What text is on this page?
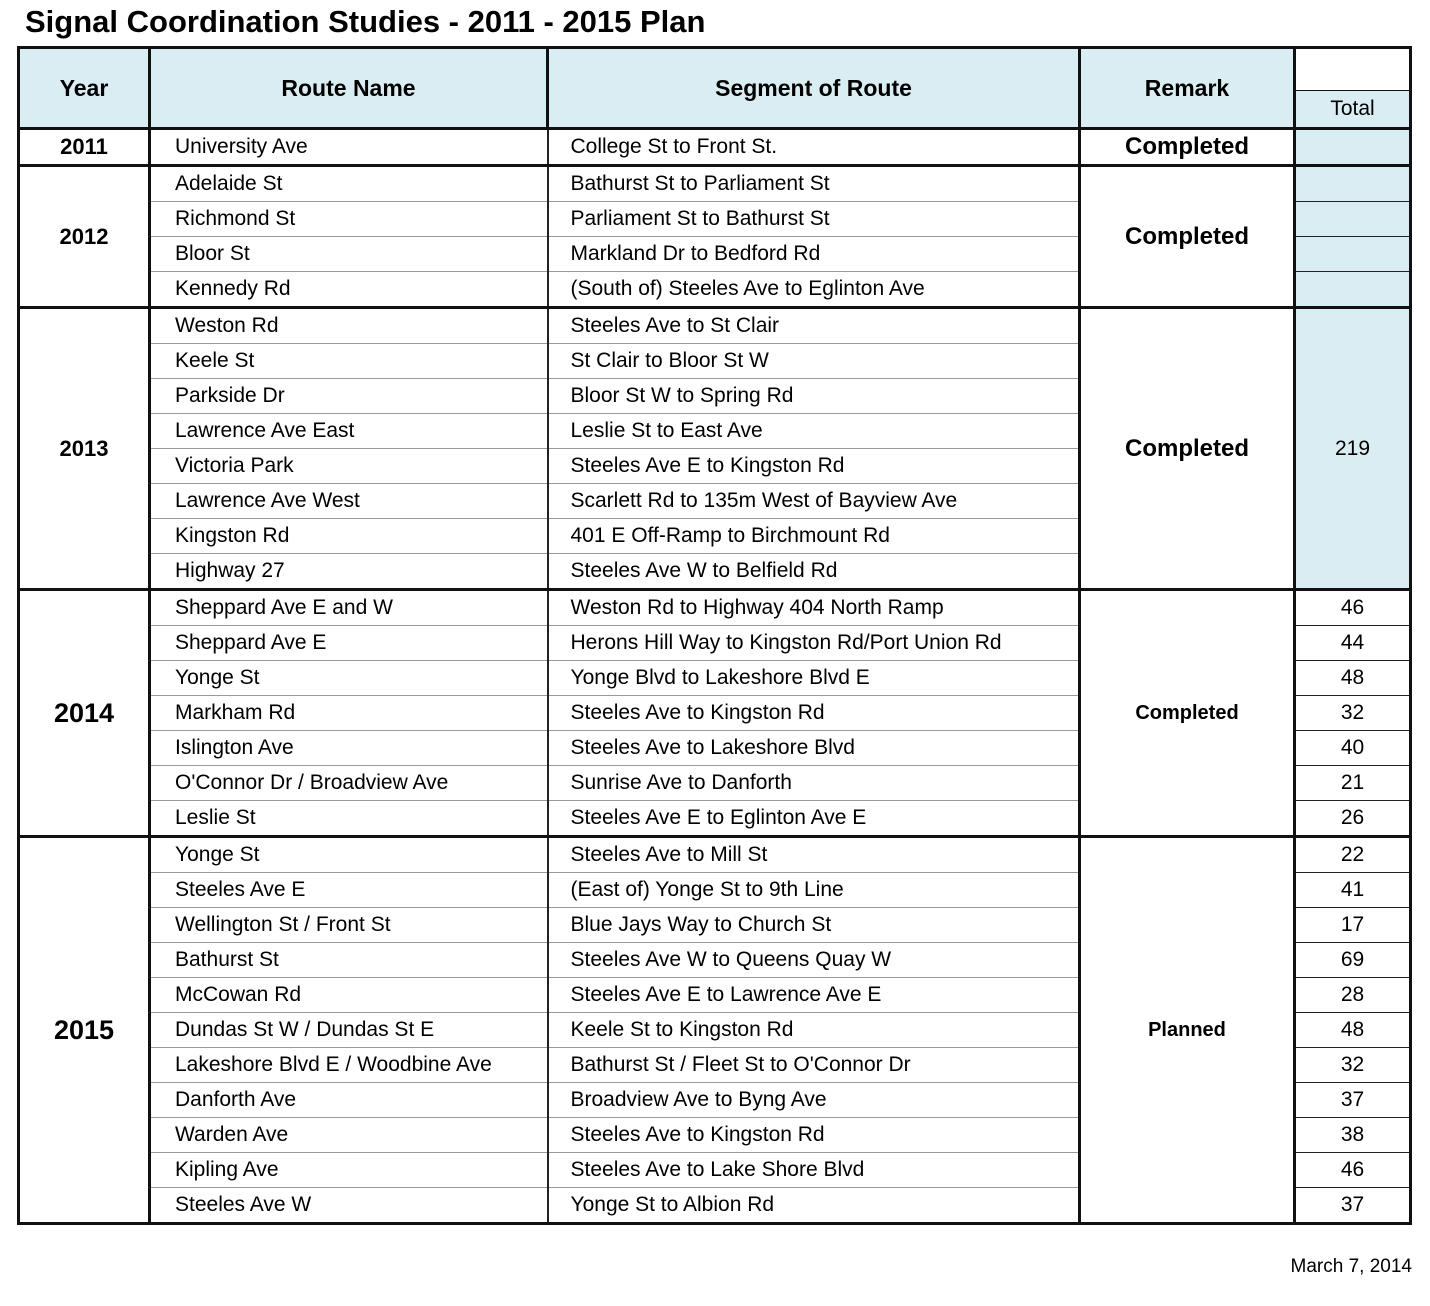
Signal Coordination Studies - 2011 - 2015 Plan
Year	Route Name	Segment of Route	Remark	
				Total
2011	University Ave	College St to Front St.	Completed	
2012	Adelaide St	Bathurst St to Parliament St	Completed	
	Richmond St	Parliament St to Bathurst St		
	Bloor St	Markland Dr to Bedford Rd		
	Kennedy Rd	(South of) Steeles Ave to Eglinton Ave		
2013	Weston Rd	Steeles Ave to St Clair	Completed	219
	Keele St	St Clair to Bloor St W		
	Parkside Dr	Bloor St W to Spring Rd		
	Lawrence Ave East	Leslie St to East Ave		
	Victoria Park	Steeles Ave E to Kingston Rd		
	Lawrence Ave West	Scarlett Rd to 135m West of Bayview Ave		
	Kingston Rd	401 E Off-Ramp to Birchmount Rd		
	Highway 27	Steeles Ave W to Belfield Rd		
2014	Sheppard Ave E and W	Weston Rd to Highway 404 North Ramp	Completed	46
	Sheppard Ave E	Herons Hill Way to Kingston Rd/Port Union Rd		44
	Yonge St	Yonge Blvd to Lakeshore Blvd E		48
	Markham Rd	Steeles Ave to Kingston Rd		32
	Islington Ave	Steeles Ave to Lakeshore Blvd		40
	O'Connor Dr / Broadview Ave	Sunrise Ave to Danforth		21
	Leslie St	Steeles Ave E to Eglinton Ave E		26
2015	Yonge St	Steeles Ave to Mill St	Planned	22
	Steeles Ave E	(East of) Yonge St to 9th Line		41
	Wellington St / Front St	Blue Jays Way to Church St		17
	Bathurst St	Steeles Ave W to Queens Quay W		69
	McCowan Rd	Steeles Ave E to Lawrence Ave E		28
	Dundas St W / Dundas St E	Keele St to Kingston Rd		48
	Lakeshore Blvd E / Woodbine Ave	Bathurst St / Fleet St to O'Connor Dr		32
	Danforth Ave	Broadview Ave to Byng Ave		37
	Warden Ave	Steeles Ave to Kingston Rd		38
	Kipling Ave	Steeles Ave to Lake Shore Blvd		46
	Steeles Ave W	Yonge St to Albion Rd		37
March 7, 2014
